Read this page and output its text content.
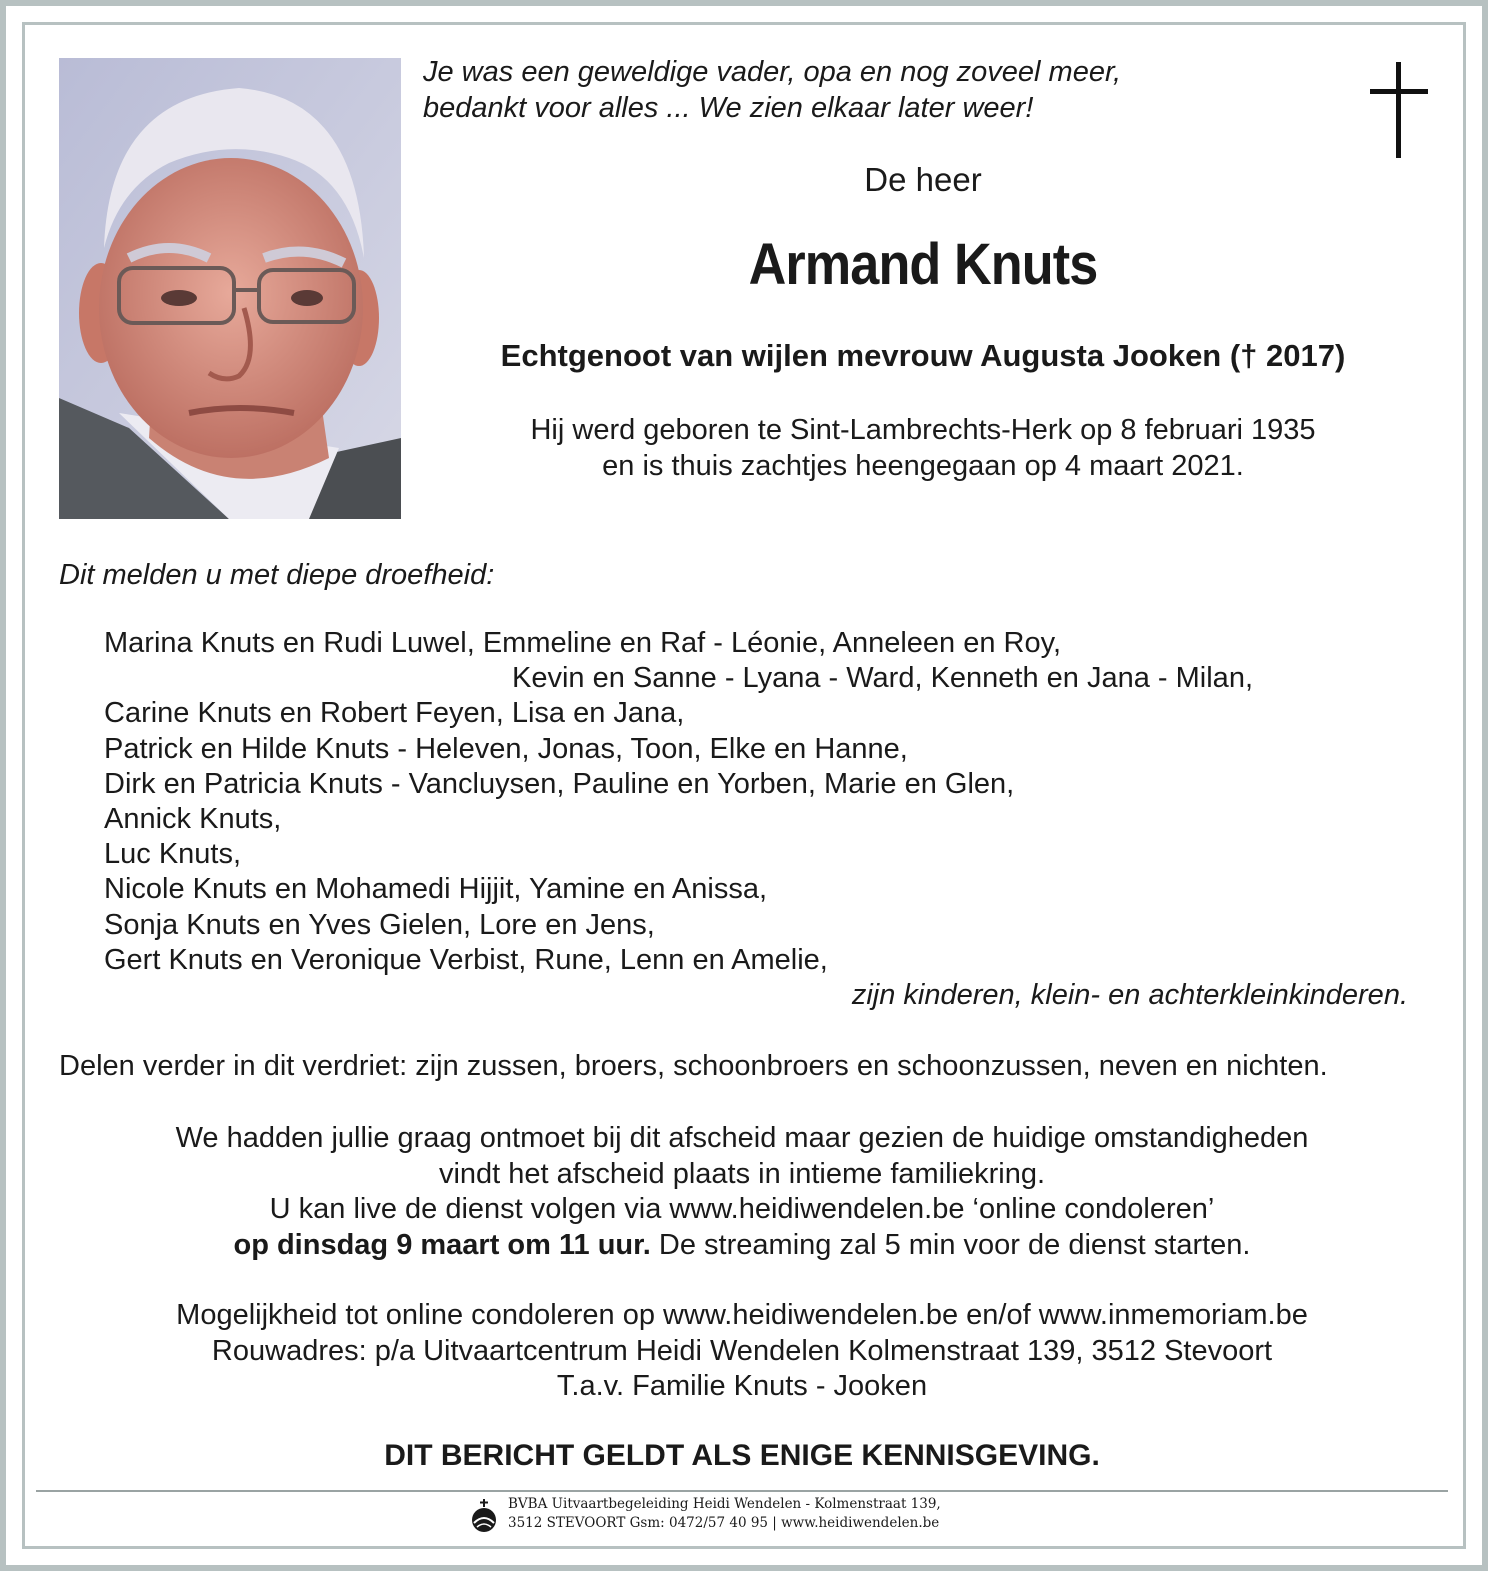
Je was een geweldige vader, opa en nog zoveel meer,
bedankt voor alles ... We zien elkaar later weer!
De heer
Armand Knuts
Echtgenoot van wijlen mevrouw Augusta Jooken († 2017)
Hij werd geboren te Sint-Lambrechts-Herk op 8 februari 1935
en is thuis zachtjes heengegaan op 4 maart 2021.
Dit melden u met diepe droefheid:
Marina Knuts en Rudi Luwel, Emmeline en Raf - Léonie, Anneleen en Roy,
Kevin en Sanne - Lyana - Ward, Kenneth en Jana - Milan,
Carine Knuts en Robert Feyen, Lisa en Jana,
Patrick en Hilde Knuts - Heleven, Jonas, Toon, Elke en Hanne,
Dirk en Patricia Knuts - Vancluysen, Pauline en Yorben, Marie en Glen,
Annick Knuts,
Luc Knuts,
Nicole Knuts en Mohamedi Hijjit, Yamine en Anissa,
Sonja Knuts en Yves Gielen, Lore en Jens,
Gert Knuts en Veronique Verbist, Rune, Lenn en Amelie,
zijn kinderen, klein- en achterkleinkinderen.
Delen verder in dit verdriet: zijn zussen, broers, schoonbroers en schoonzussen, neven en nichten.
We hadden jullie graag ontmoet bij dit afscheid maar gezien de huidige omstandigheden
vindt het afscheid plaats in intieme familiekring.
U kan live de dienst volgen via www.heidiwendelen.be ‘online condoleren’
op dinsdag 9 maart om 11 uur. De streaming zal 5 min voor de dienst starten.
Mogelijkheid tot online condoleren op www.heidiwendelen.be en/of www.inmemoriam.be
Rouwadres: p/a Uitvaartcentrum Heidi Wendelen Kolmenstraat 139, 3512 Stevoort
T.a.v. Familie Knuts - Jooken
DIT BERICHT GELDT ALS ENIGE KENNISGEVING.
BVBA Uitvaartbegeleiding Heidi Wendelen - Kolmenstraat 139,
3512 STEVOORT Gsm: 0472/57 40 95 | www.heidiwendelen.be
